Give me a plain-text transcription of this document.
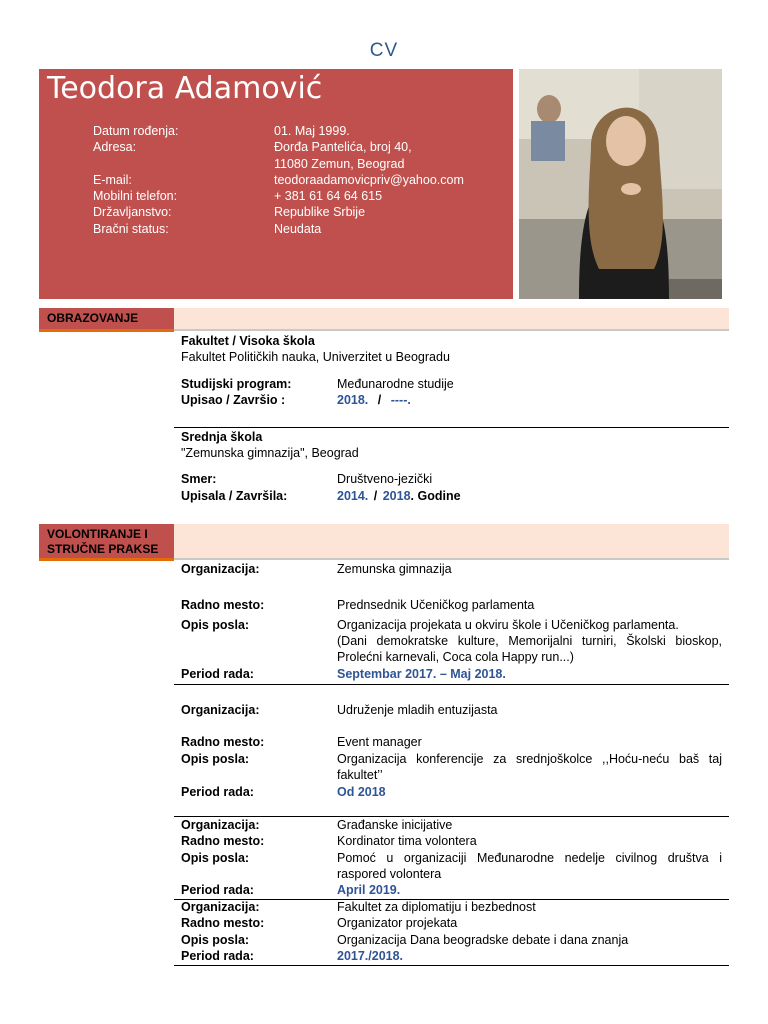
CV
Teodora Adamović
Datum rođenja:	01. Maj 1999.
Adresa:	Đorđa Pantelića, broj 40,
11080 Zemun, Beograd
E-mail:	teodoraadamovicpriv@yahoo.com
Mobilni telefon:	+ 381 61 64 64 615
Državljanstvo:	Republike Srbije
Bračni status:	Neudata
OBRAZOVANJE
Fakultet / Visoka škola
Fakultet Političkih nauka, Univerzitet u Beogradu
Studijski program:	Međunarodne studije
Upisao / Završio :	2018. / ----.
Srednja škola
"Zemunska gimnazija", Beograd
Smer:	Društveno-jezički
Upisala / Završila:	2014. / 2018. Godine
VOLONTIRANJE I
STRUČNE PRAKSE
Organizacija:	Zemunska gimnazija
Radno mesto:	Prednsednik Učeničkog parlamenta
Opis posla:	Organizacija projekata u okviru škole i Učeničkog parlamenta.
(Dani demokratske kulture, Memorijalni turniri, Školski bioskop, Prolećni karnevali, Coca cola Happy run...)
Period rada:	Septembar 2017. – Maj 2018.
Organizacija:	Udruženje mladih entuzijasta
Radno mesto:	Event manager
Opis posla:	Organizacija konferencije za srednjoškolce ,,Hoću-neću baš taj fakultet’’
Period rada:	Od 2018
Organizacija:	Građanske inicijative
Radno mesto:	Kordinator tima volontera
Opis posla:	Pomoć u organizaciji Međunarodne nedelje civilnog društva i raspored volontera
Period rada:	April 2019.
Organizacija:	Fakultet za diplomatiju i bezbednost
Radno mesto:	Organizator projekata
Opis posla:	Organizacija Dana beogradske debate i dana znanja
Period rada:	2017./2018.
